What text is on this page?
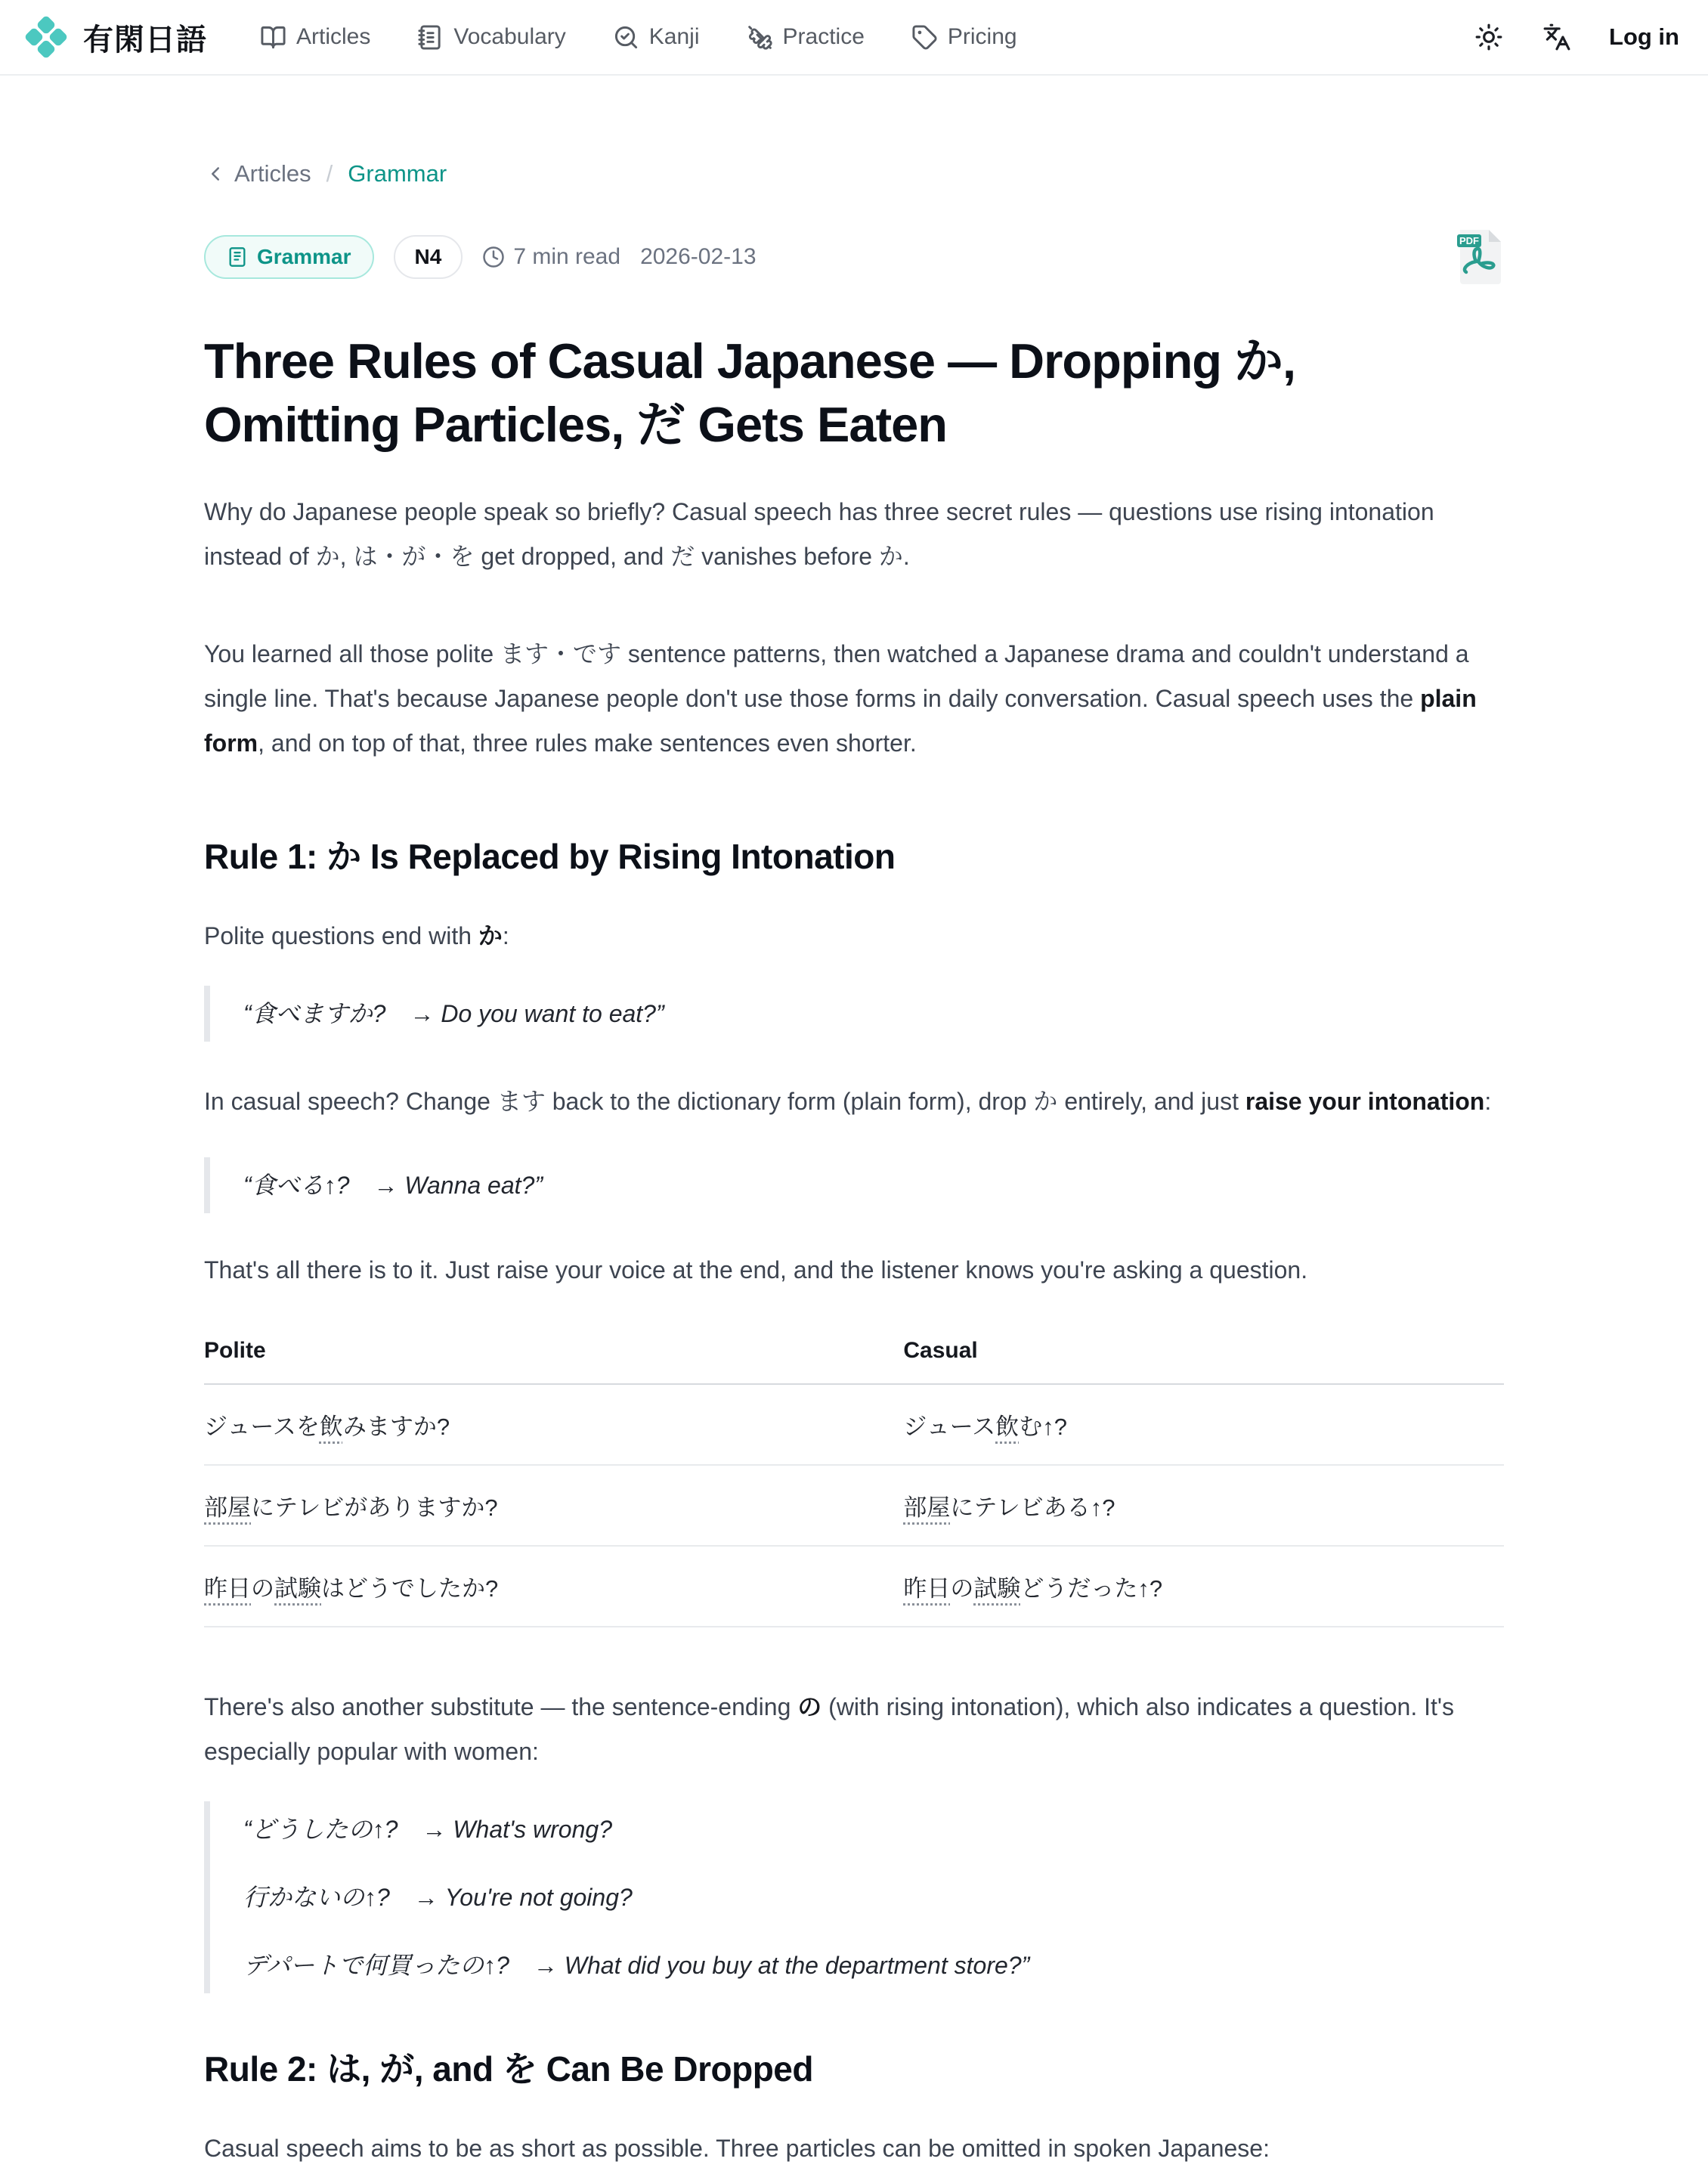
有閑日語	Articles	Vocabulary	Kanji	Practice	Pricing	Log in
Articles / Grammar
Grammar	N4	7 min read 2026-02-13
PDF
Three Rules of Casual Japanese — Dropping か, Omitting Particles, だ Gets Eaten

Why do Japanese people speak so briefly? Casual speech has three secret rules — questions use rising intonation instead of か, は・が・を get dropped, and だ vanishes before か.

You learned all those polite ます・です sentence patterns, then watched a Japanese drama and couldn't understand a single line. That's because Japanese people don't use those forms in daily conversation. Casual speech uses the plain form, and on top of that, three rules make sentences even shorter.

Rule 1: か Is Replaced by Rising Intonation

Polite questions end with か:

“食べますか?　→ Do you want to eat?”

In casual speech? Change ます back to the dictionary form (plain form), drop か entirely, and just raise your intonation:

“食べる↑?　→ Wanna eat?”

That's all there is to it. Just raise your voice at the end, and the listener knows you're asking a question.

Polite	Casual
ジュースを飲みますか?	ジュース飲む↑?
部屋にテレビがありますか?	部屋にテレビある↑?
昨日の試験はどうでしたか?	昨日の試験どうだった↑?

There's also another substitute — the sentence-ending の (with rising intonation), which also indicates a question. It's especially popular with women:

“どうしたの↑?　→ What's wrong?

行かないの↑?　→ You're not going?

デパートで何買ったの↑?　→ What did you buy at the department store?”

Rule 2: は, が, and を Can Be Dropped

Casual speech aims to be as short as possible. Three particles can be omitted in spoken Japanese:
